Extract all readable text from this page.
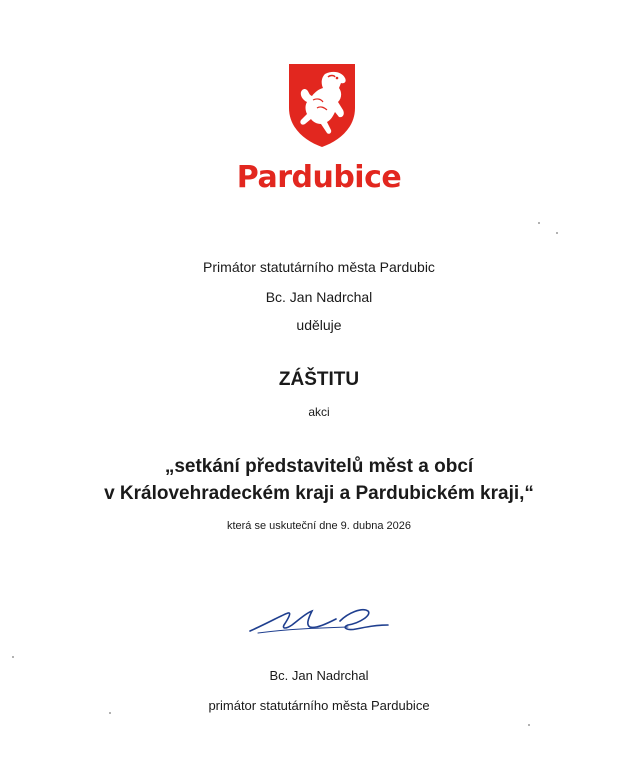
Pardubice
Primátor statutárního města Pardubic
Bc. Jan Nadrchal
uděluje
ZÁŠTITU
akci
„setkání představitelů měst a obcí
v Královehradeckém kraji a Pardubickém kraji,“
která se uskuteční dne 9. dubna 2026
Bc. Jan Nadrchal
primátor statutárního města Pardubice
